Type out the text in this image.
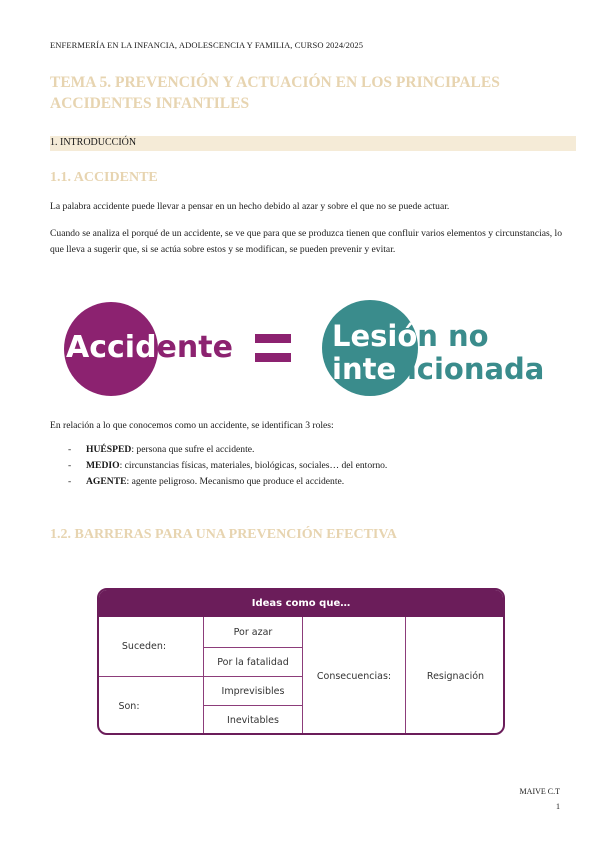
ENFERMERÍA EN LA INFANCIA, ADOLESCENCIA Y FAMILIA, CURSO 2024/2025
TEMA 5. PREVENCIÓN Y ACTUACIÓN EN LOS PRINCIPALES ACCIDENTES INFANTILES
1. INTRODUCCIÓN
1.1. ACCIDENTE
La palabra accidente puede llevar a pensar en un hecho debido al azar y sobre el que no se puede actuar.
Cuando se analiza el porqué de un accidente, se ve que para que se produzca tienen que confluir varios elementos y circunstancias, lo que lleva a sugerir que, si se actúa sobre estos y se modifican, se pueden prevenir y evitar.
Accidente	Lesión no
intencionada
En relación a lo que conocemos como un accidente, se identifican 3 roles:
- HUÉSPED: persona que sufre el accidente.
- MEDIO: circunstancias físicas, materiales, biológicas, sociales… del entorno.
- AGENTE: agente peligroso. Mecanismo que produce el accidente.
1.2. BARRERAS PARA UNA PREVENCIÓN EFECTIVA
Ideas como que…
Suceden:
Son:
Por azar
Por la fatalidad
Imprevisibles
Inevitables
Consecuencias:	Resignación
MAIVE C.T
1
